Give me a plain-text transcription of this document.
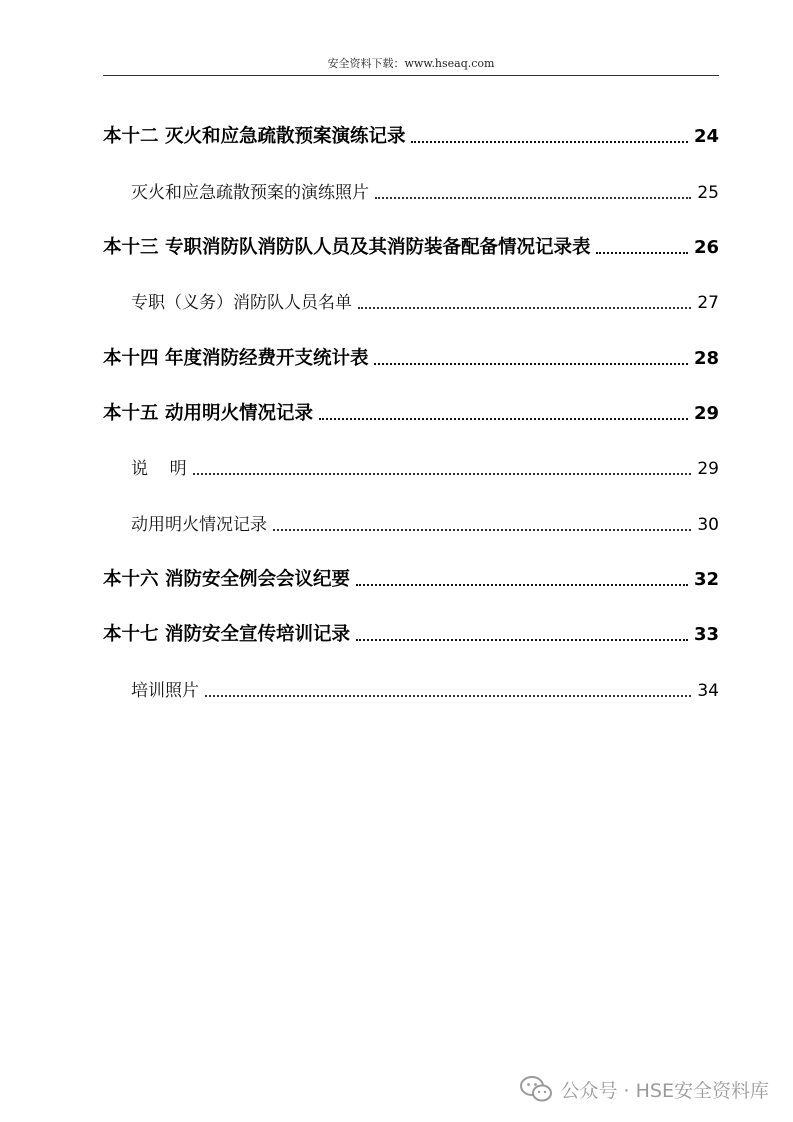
安全资料下载：www.hseaq.com
本十二 灭火和应急疏散预案演练记录	24
灭火和应急疏散预案的演练照片	25
本十三 专职消防队消防队人员及其消防装备配备情况记录表	26
专职（义务）消防队人员名单	27
本十四 年度消防经费开支统计表	28
本十五 动用明火情况记录	29
说    明	29
动用明火情况记录	30
本十六 消防安全例会会议纪要	32
本十七 消防安全宣传培训记录	33
培训照片	34
公众号 · HSE安全资料库
